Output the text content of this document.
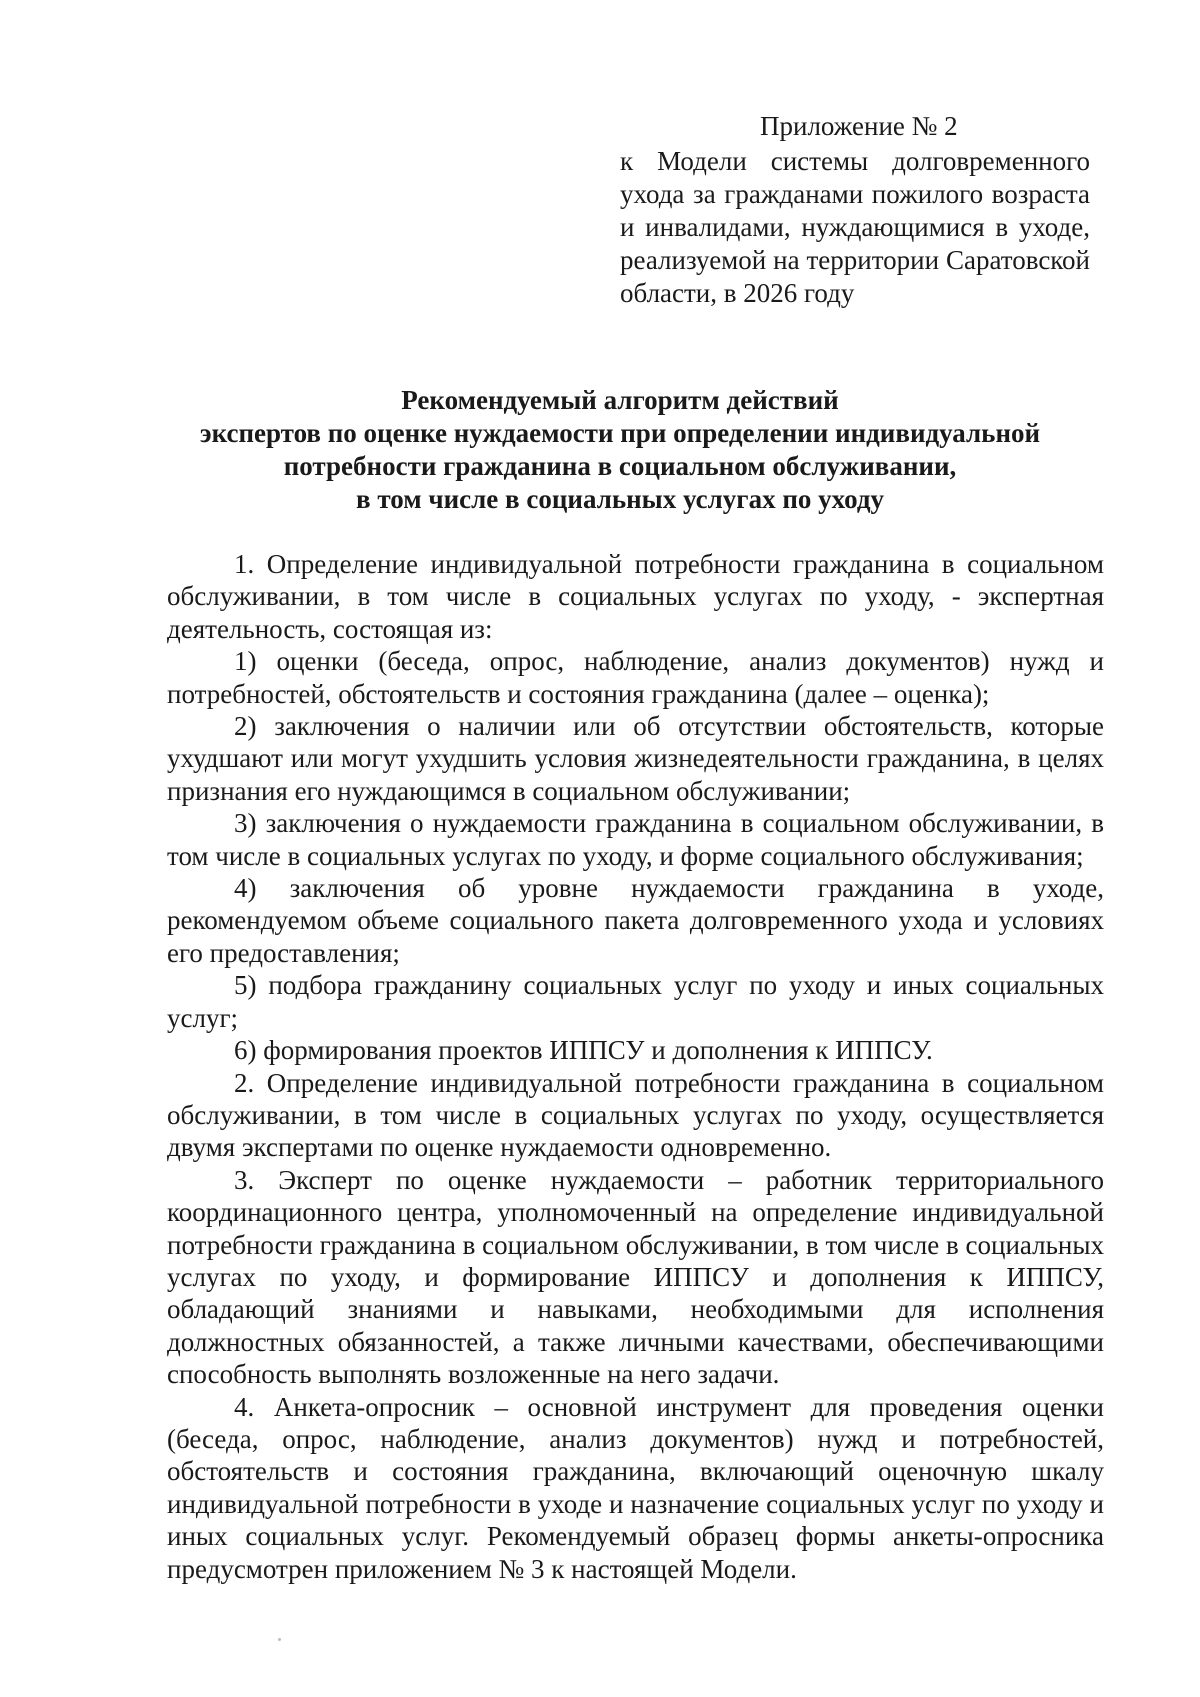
Приложение № 2
к Модели системы долговременного ухода за гражданами пожилого возраста и инвалидами, нуждающимися в уходе, реализуемой на территории Саратовской области, в 2026 году
Рекомендуемый алгоритм действий
экспертов по оценке нуждаемости при определении индивидуальной
потребности гражданина в социальном обслуживании,
в том числе в социальных услугах по уходу

1. Определение индивидуальной потребности гражданина в социальном обслуживании, в том числе в социальных услугах по уходу, - экспертная деятельность, состоящая из:

1) оценки (беседа, опрос, наблюдение, анализ документов) нужд и потребностей, обстоятельств и состояния гражданина (далее – оценка);

2) заключения о наличии или об отсутствии обстоятельств, которые ухудшают или могут ухудшить условия жизнедеятельности гражданина, в целях признания его нуждающимся в социальном обслуживании;

3) заключения о нуждаемости гражданина в социальном обслуживании, в том числе в социальных услугах по уходу, и форме социального обслуживания;

4) заключения об уровне нуждаемости гражданина в уходе, рекомендуемом объеме социального пакета долговременного ухода и условиях его предоставления;

5) подбора гражданину социальных услуг по уходу и иных социальных услуг;

6) формирования проектов ИППСУ и дополнения к ИППСУ.

2. Определение индивидуальной потребности гражданина в социальном обслуживании, в том числе в социальных услугах по уходу, осуществляется двумя экспертами по оценке нуждаемости одновременно.

3. Эксперт по оценке нуждаемости – работник территориального координационного центра, уполномоченный на определение индивидуальной потребности гражданина в социальном обслуживании, в том числе в социальных услугах по уходу, и формирование ИППСУ и дополнения к ИППСУ, обладающий знаниями и навыками, необходимыми для исполнения должностных обязанностей, а также личными качествами, обеспечивающими способность выполнять возложенные на него задачи.

4. Анкета-опросник – основной инструмент для проведения оценки (беседа, опрос, наблюдение, анализ документов) нужд и потребностей, обстоятельств и состояния гражданина, включающий оценочную шкалу индивидуальной потребности в уходе и назначение социальных услуг по уходу и иных социальных услуг. Рекомендуемый образец формы анкеты-опросника предусмотрен приложением № 3 к настоящей Модели.
